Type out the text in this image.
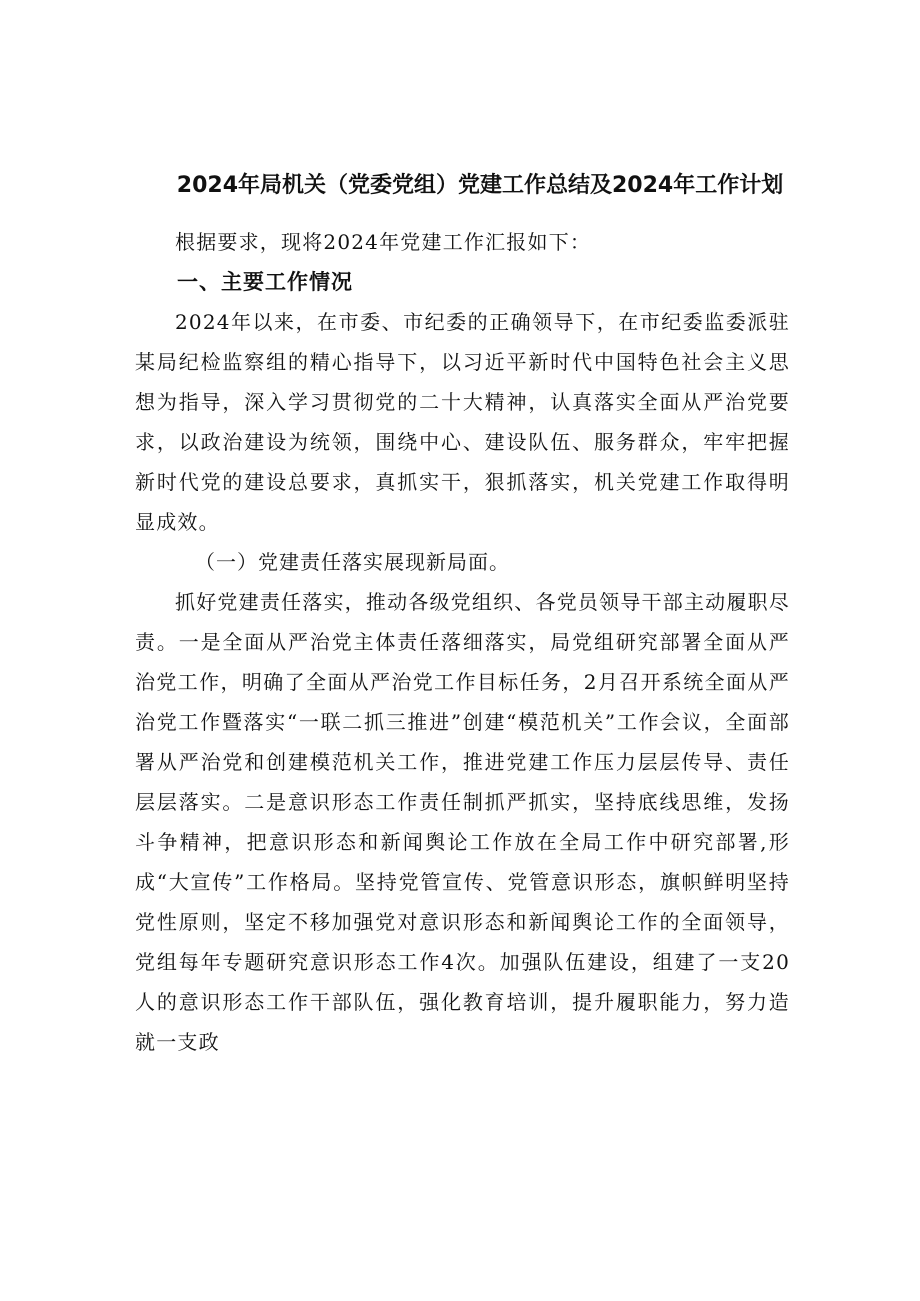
2024年局机关（党委党组）党建工作总结及2024年工作计划

根据要求，现将2024年党建工作汇报如下：

一、主要工作情况

2024年以来，在市委、市纪委的正确领导下，在市纪委监委派驻某局纪检监察组的精心指导下，以习近平新时代中国特色社会主义思想为指导，深入学习贯彻党的二十大精神，认真落实全面从严治党要求，以政治建设为统领，围绕中心、建设队伍、服务群众，牢牢把握新时代党的建设总要求，真抓实干，狠抓落实，机关党建工作取得明显成效。

（一）党建责任落实展现新局面。

抓好党建责任落实，推动各级党组织、各党员领导干部主动履职尽责。一是全面从严治党主体责任落细落实，局党组研究部署全面从严治党工作，明确了全面从严治党工作目标任务，2月召开系统全面从严治党工作暨落实“一联二抓三推进”创建“模范机关”工作会议，全面部署从严治党和创建模范机关工作，推进党建工作压力层层传导、责任层层落实。二是意识形态工作责任制抓严抓实，坚持底线思维，发扬斗争精神，把意识形态和新闻舆论工作放在全局工作中研究部署,形成“大宣传”工作格局。坚持党管宣传、党管意识形态，旗帜鲜明坚持党性原则，坚定不移加强党对意识形态和新闻舆论工作的全面领导，党组每年专题研究意识形态工作4次。加强队伍建设，组建了一支20人的意识形态工作干部队伍，强化教育培训，提升履职能力，努力造就一支政
